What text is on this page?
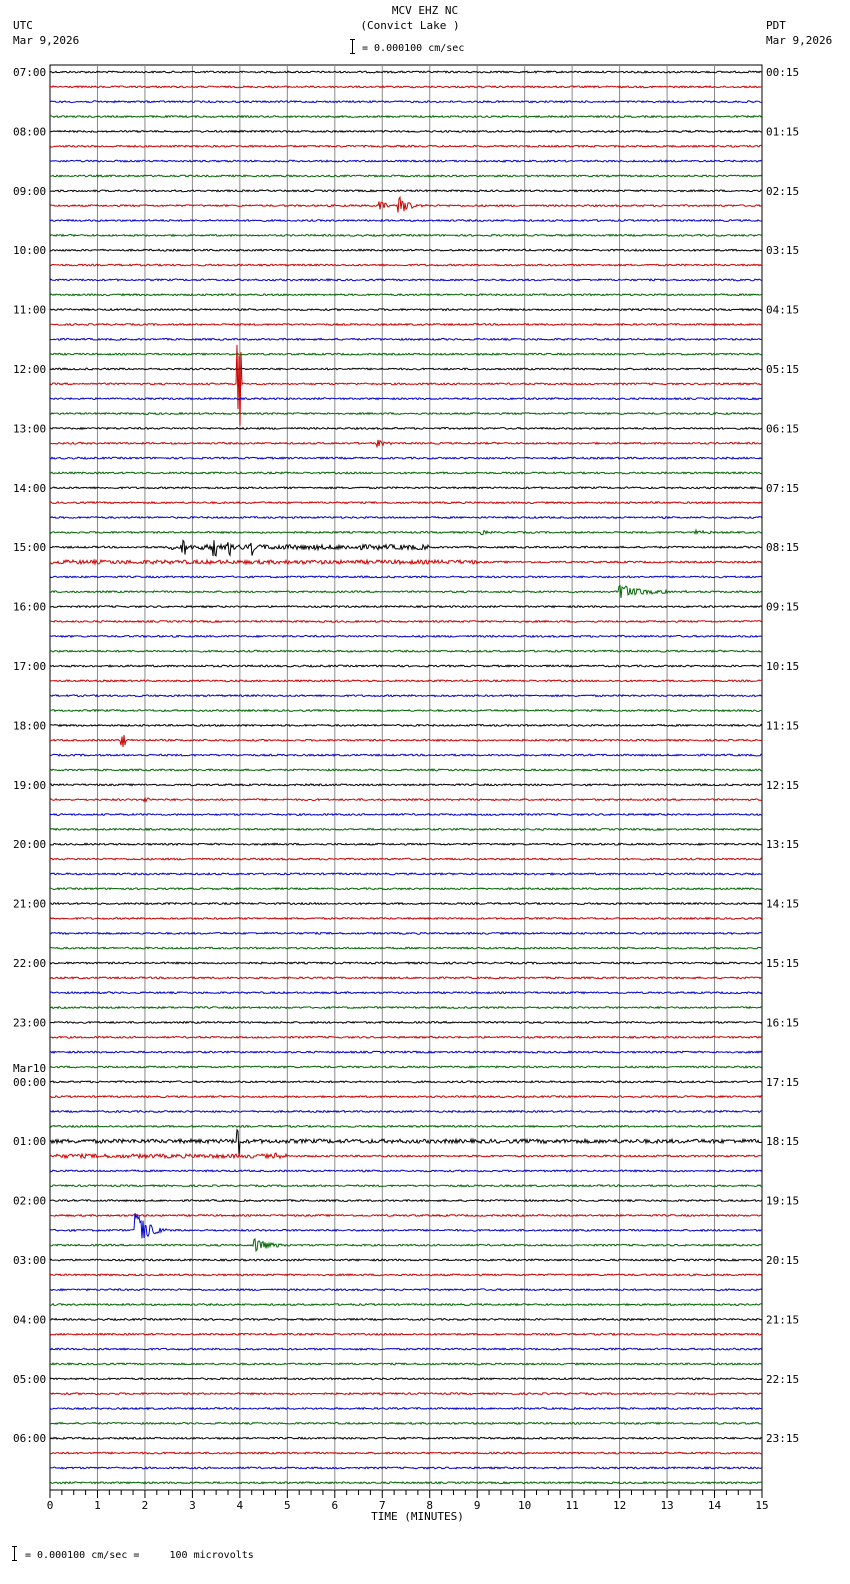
MCV EHZ NC
(Convict Lake )
UTC
Mar 9,2026
PDT
Mar 9,2026
= 0.000100 cm/sec
07:00
08:00
09:00
10:00
11:00
12:00
13:00
14:00
15:00
16:00
17:00
18:00
19:00
20:00
21:00
22:00
23:00
00:00
Mar10
01:00
02:00
03:00
04:00
05:00
06:00
00:15
01:15
02:15
03:15
04:15
05:15
06:15
07:15
08:15
09:15
10:15
11:15
12:15
13:15
14:15
15:15
16:15
17:15
18:15
19:15
20:15
21:15
22:15
23:15
0	1	2	3	4	5	6	7	8	9	10	11	12	13	14	15
TIME (MINUTES)
= 0.000100 cm/sec =     100 microvolts
